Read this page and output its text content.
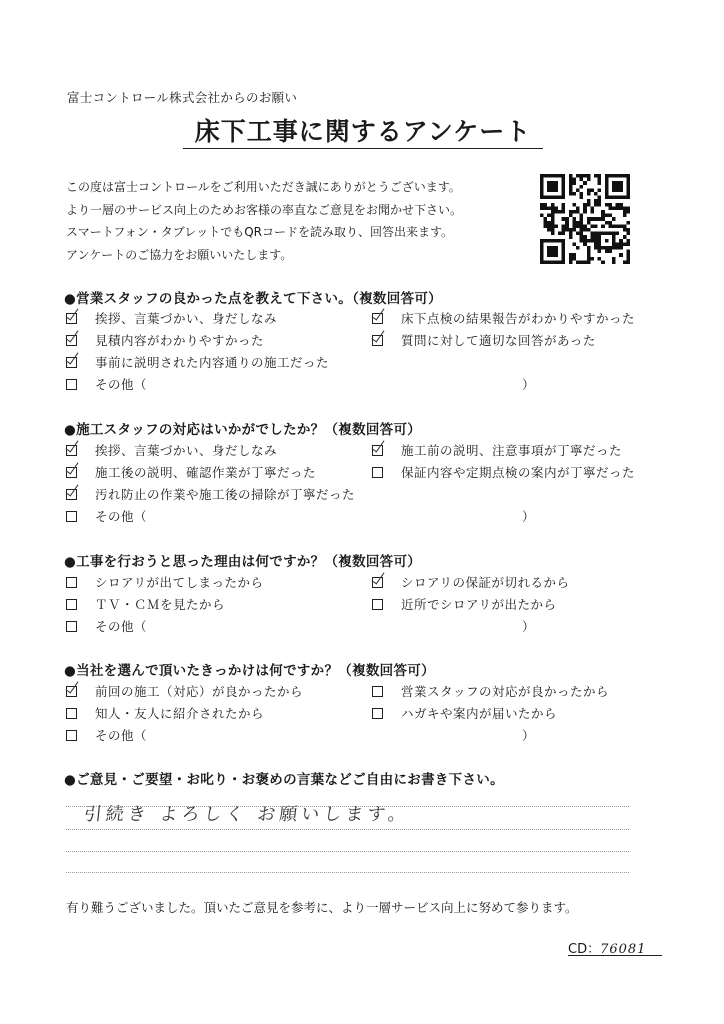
富士コントロール株式会社からのお願い
床下工事に関するアンケート
この度は富士コントロールをご利用いただき誠にありがとうございます。
より一層のサービス向上のためお客様の率直なご意見をお聞かせ下さい。
スマートフォン・タブレットでもQRコードを読み取り、回答出来ます。
アンケートのご協力をお願いいたします。
●営業スタッフの良かった点を教えて下さい。（複数回答可）
挨拶、言葉づかい、身だしなみ	床下点検の結果報告がわかりやすかった
見積内容がわかりやすかった	質問に対して適切な回答があった
事前に説明された内容通りの施工だった
その他（	）
●施工スタッフの対応はいかがでしたか？（複数回答可）
挨拶、言葉づかい、身だしなみ	施工前の説明、注意事項が丁寧だった
施工後の説明、確認作業が丁寧だった	保証内容や定期点検の案内が丁寧だった
汚れ防止の作業や施工後の掃除が丁寧だった
その他（	）
●工事を行おうと思った理由は何ですか？（複数回答可）
シロアリが出てしまったから	シロアリの保証が切れるから
ＴＶ・ＣＭを見たから	近所でシロアリが出たから
その他（	）
●当社を選んで頂いたきっかけは何ですか？（複数回答可）
前回の施工（対応）が良かったから	営業スタッフの対応が良かったから
知人・友人に紹介されたから	ハガキや案内が届いたから
その他（	）
●ご意見・ご要望・お叱り・お褒めの言葉などご自由にお書き下さい。
引続き よろしく お願いします。
有り難うございました。頂いたご意見を参考に、より一層サービス向上に努めて参ります。
CD：76081
